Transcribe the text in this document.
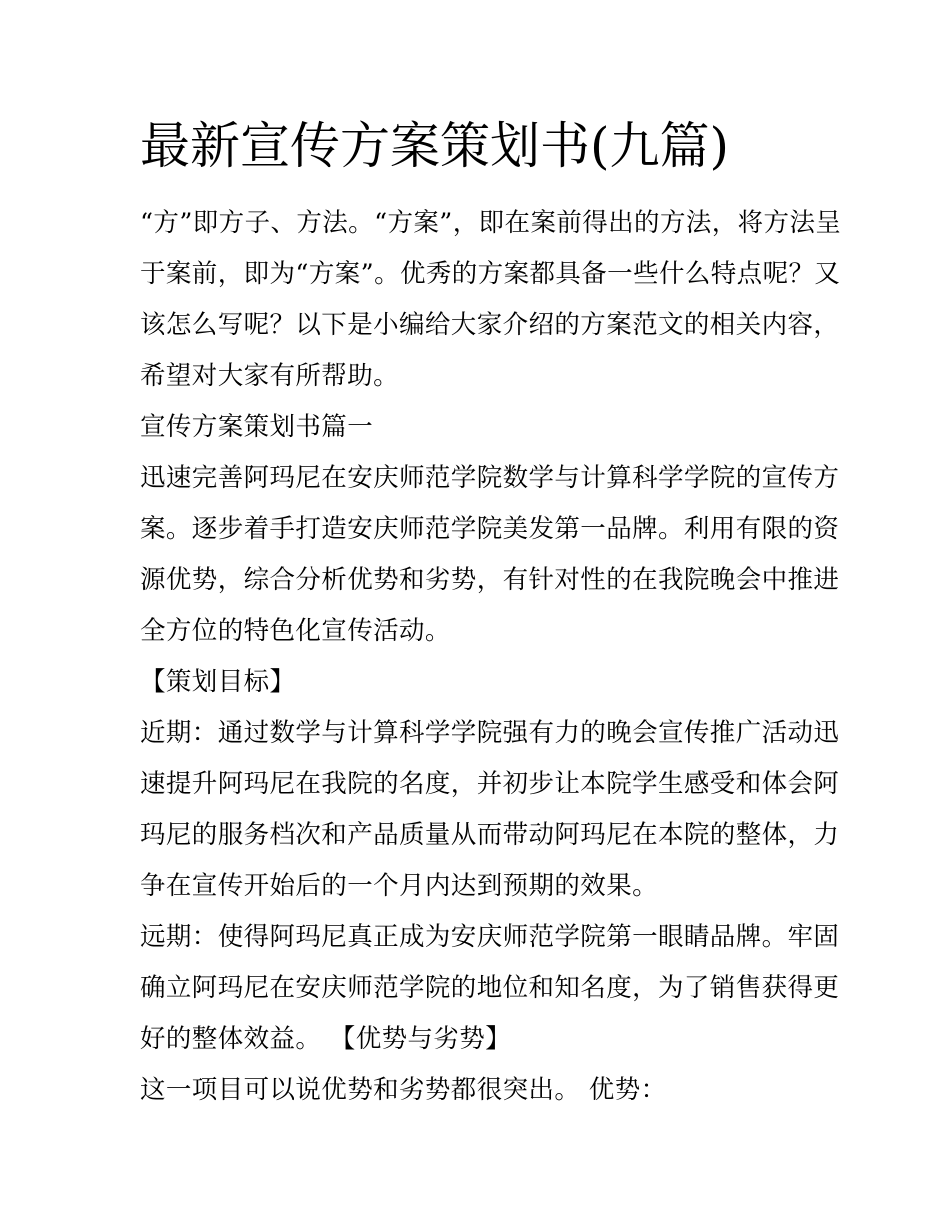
最新宣传方案策划书(九篇)

“方”即方子、方法。“方案”，即在案前得出的方法，将方法呈
于案前，即为“方案”。优秀的方案都具备一些什么特点呢？又
该怎么写呢？以下是小编给大家介绍的方案范文的相关内容，
希望对大家有所帮助。

宣传方案策划书篇一

迅速完善阿玛尼在安庆师范学院数学与计算科学学院的宣传方
案。逐步着手打造安庆师范学院美发第一品牌。利用有限的资
源优势，综合分析优势和劣势，有针对性的在我院晚会中推进
全方位的特色化宣传活动。

【策划目标】

近期：通过数学与计算科学学院强有力的晚会宣传推广活动迅
速提升阿玛尼在我院的名度，并初步让本院学生感受和体会阿
玛尼的服务档次和产品质量从而带动阿玛尼在本院的整体，力
争在宣传开始后的一个月内达到预期的效果。

远期：使得阿玛尼真正成为安庆师范学院第一眼睛品牌。牢固
确立阿玛尼在安庆师范学院的地位和知名度，为了销售获得更
好的整体效益。 【优势与劣势】

这一项目可以说优势和劣势都很突出。 优势：
